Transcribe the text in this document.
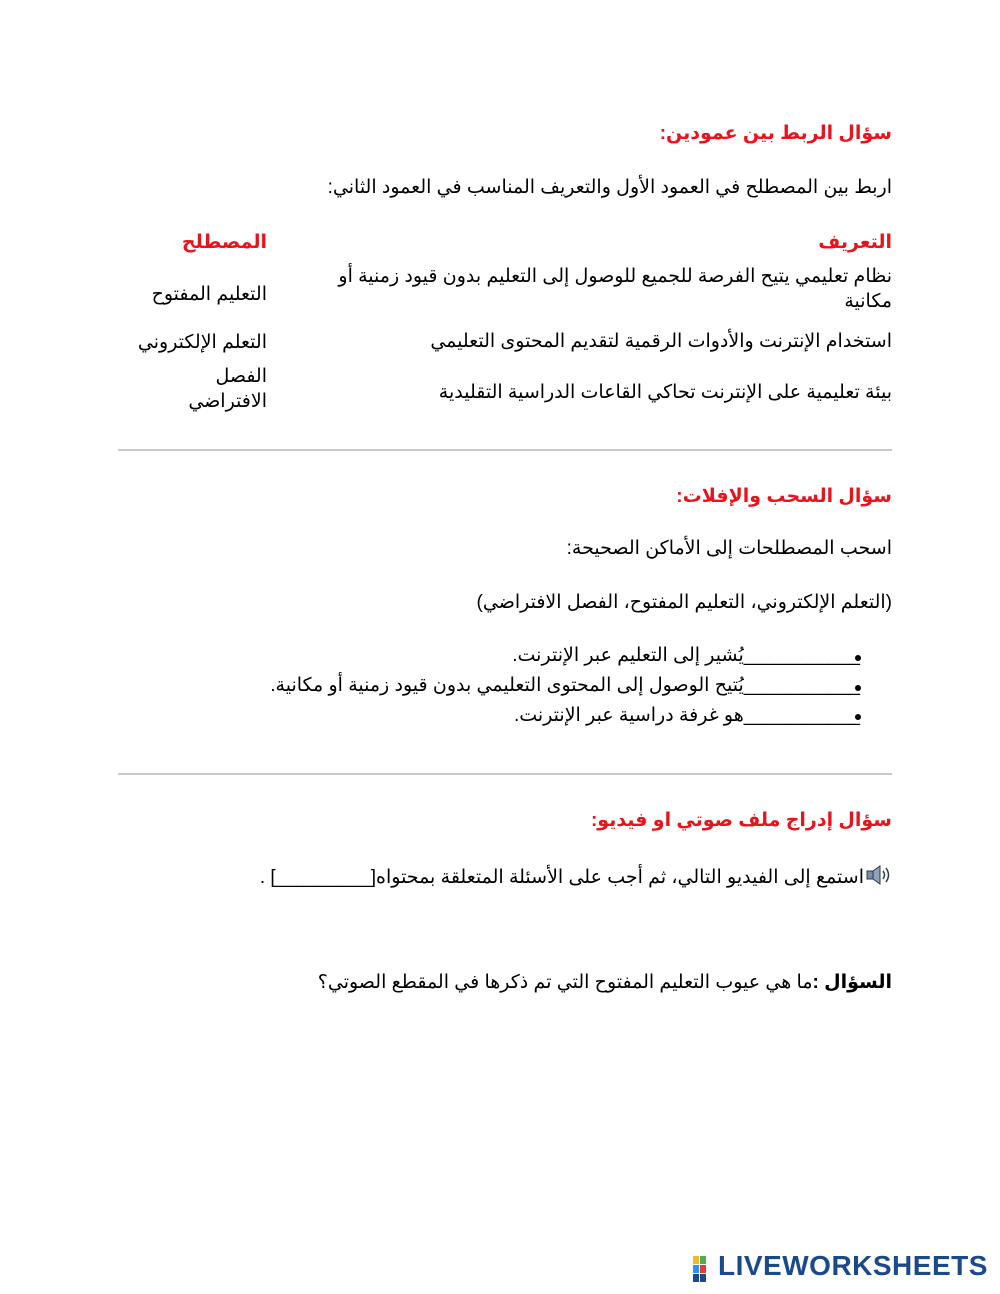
سؤال الربط بين عمودين:
اربط بين المصطلح في العمود الأول والتعريف المناسب في العمود الثاني:
التعريف
المصطلح
نظام تعليمي يتيح الفرصة للجميع للوصول إلى التعليم بدون قيود زمنية أو مكانية
استخدام الإنترنت والأدوات الرقمية لتقديم المحتوى التعليمي
بيئة تعليمية على الإنترنت تحاكي القاعات الدراسية التقليدية
التعليم المفتوح
التعلم الإلكتروني
الفصل الافتراضي
سؤال السحب والإفلات:
اسحب المصطلحات إلى الأماكن الصحيحة:
(التعلم الإلكتروني، التعليم المفتوح، الفصل الافتراضي)
___________يُشير إلى التعليم عبر الإنترنت.
___________يُتيح الوصول إلى المحتوى التعليمي بدون قيود زمنية أو مكانية.
___________هو غرفة دراسية عبر الإنترنت.
سؤال إدراج ملف صوتي او فيديو:
استمع إلى الفيديو التالي، ثم أجب على الأسئلة المتعلقة بمحتواه[_________] .
السؤال :ما هي عيوب التعليم المفتوح التي تم ذكرها في المقطع الصوتي؟
LIVEWORKSHEETS
